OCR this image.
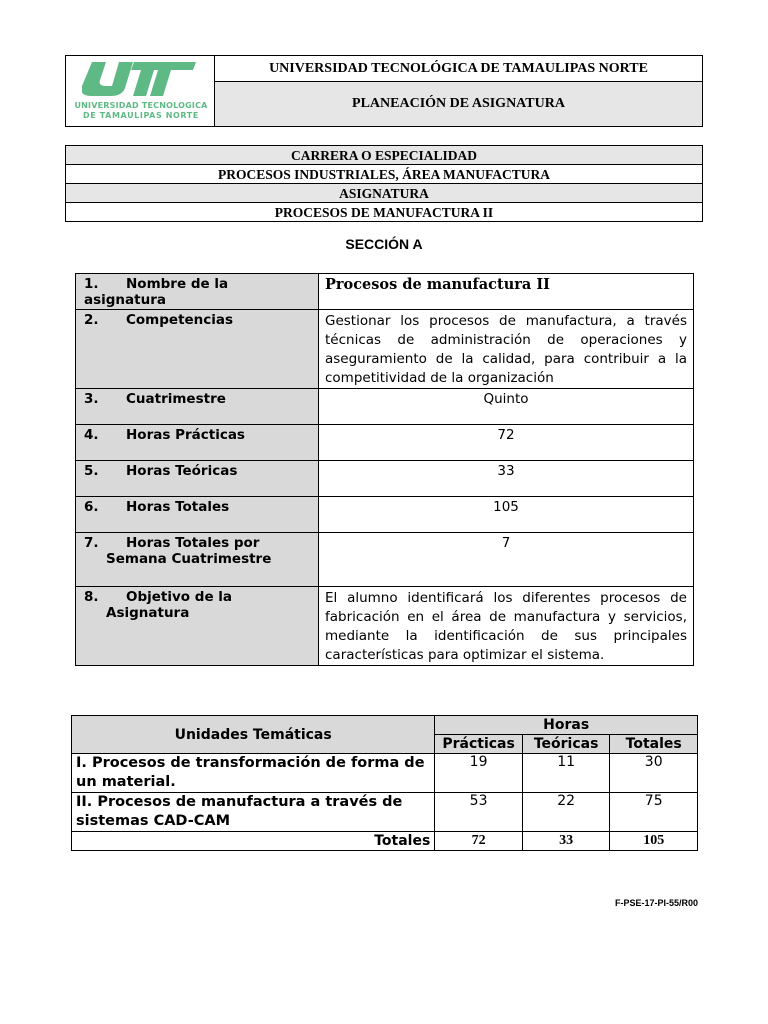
UNIVERSIDAD TECNOLOGICA
DE TAMAULIPAS NORTE
	UNIVERSIDAD TECNOLÓGICA DE TAMAULIPAS NORTE
PLANEACIÓN DE ASIGNATURA
CARRERA O ESPECIALIDAD
PROCESOS INDUSTRIALES, ÁREA MANUFACTURA
ASIGNATURA
PROCESOS DE MANUFACTURA II
SECCIÓN A
1. Nombre de la asignatura	Procesos de manufactura II
2. Competencias	Gestionar los procesos de manufactura, a través técnicas de administración de operaciones y aseguramiento de la calidad, para contribuir a la competitividad de la organización
3. Cuatrimestre	Quinto
4. Horas Prácticas	72
5. Horas Teóricas	33
6. Horas Totales	105
7. Horas Totales por
Semana Cuatrimestre	7
8. Objetivo de la
Asignatura	El alumno identificará los diferentes procesos de fabricación en el área de manufactura y servicios, mediante la identificación de sus principales características para optimizar el sistema.
Unidades Temáticas	Horas		
	Prácticas	Teóricas	Totales
I. Procesos de transformación de forma de un material.	19	11	30
II. Procesos de manufactura a través de sistemas CAD-CAM	53	22	75
Totales	72	33	105
F-PSE-17-PI-55/R00
